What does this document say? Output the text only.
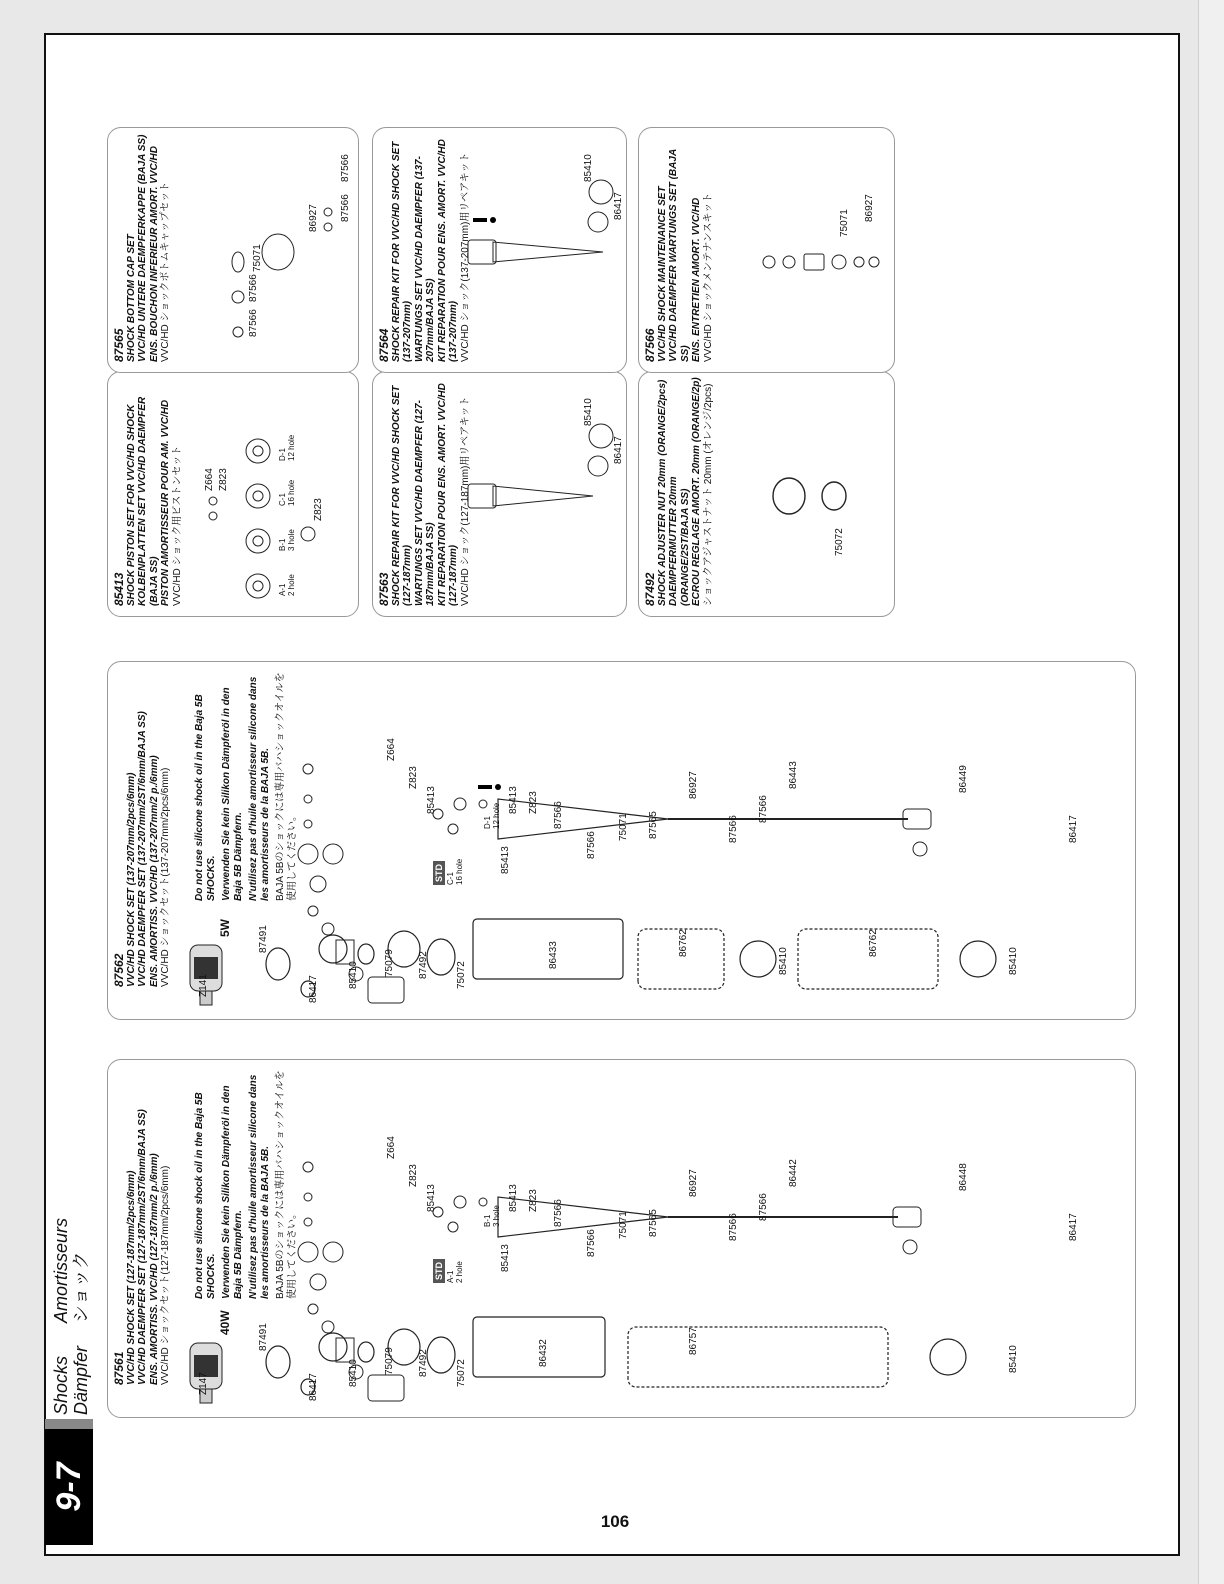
106
9-7
Shocks Dämpfer
Amortisseurs ショック
87561 VVC/HD SHOCK SET (127-187mm/2pcs/6mm) VVC/HD DAEMPFER SET (127-187mm/2ST/6mm/BAJA SS) ENS. AMORTISS. VVC/HD (127-187mm/2 p./6mm) VVC/HD ショックセット(127-187mm/2pcs/6mm) Do not use silicone shock oil in the Baja 5B SHOCKS. Verwenden Sie kein Silikon Dämpferöl in den Baja 5B Dämpfern. N'utilisez pas d'huile amortisseur silicone dans les amortisseurs de la BAJA 5B. BAJA 5Bのショックには専用バハショックオイルを使用してください。

Z147
40W
STD A-1 2 hole
B-1 3 hole
Z664
Z823
85413
85413
85413 Z823 87566
87566
75071 87565
86927
87566
87566
86442	86448
86417
87491
86417
85410	75079 87492	75072
86432	86757
85410
87562 VVC/HD SHOCK SET (137-207mm/2pcs/6mm) VVC/HD DAEMPFER SET (137-207mm/2ST/6mm/BAJA SS) ENS. AMORTISS. VVC/HD (137-207mm/2 p./6mm) VVC/HD ショックセット(137-207mm/2pcs/6mm) Do not use silicone shock oil in the Baja 5B SHOCKS. Verwenden Sie kein Silikon Dämpferöl in den Baja 5B Dämpfern. N'utilisez pas d'huile amortisseur silicone dans les amortisseurs de la BAJA 5B. BAJA 5Bのショックには専用バハショックオイルを使用してください。

Z141
5W
STD C-1 16 hole
D-1 12 hole
Z664
Z823
85413
85413
85413 Z823 87566
87566
75071 87565
86927
87566
87566
86443	86449
86417
87491
86417
85410	75079 87492	75072
86433	86762
85410
86762
85410
85413 SHOCK PISTON SET FOR VVC/HD SHOCK KOLBENPLATTEN SET VVC/HD DAEMPFER (BAJA SS) PISTON AMORTISSEUR POUR AM. VVC/HD VVC/HD ショック用ピストンセット	A-1 2 hole
B-1 3 hole
C-1 16 hole
D-1 12 hole
Z664 Z823
Z823
87563 SHOCK REPAIR KIT FOR VVC/HD SHOCK SET (127-187mm) WARTUNGS SET VVC/HD DAEMPFER (127-187mm/BAJA SS) KIT REPARATION POUR ENS. AMORT. VVC/HD (127-187mm) VVC/HD ショック(127-187mm)用リペアキット	85410
86417
87492 SHOCK ADJUSTER NUT 20mm (ORANGE/2pcs) DAEMPFERMUTTER 20mm (ORANGE/2ST/BAJA SS) ECROU REGLAGE AMORT. 20mm (ORANGE/2p) ショックアジャストナット 20mm (オレンジ/2pcs)	75072
87565 SHOCK BOTTOM CAP SET VVC/HD UNTERE DAEMPFERKAPPE (BAJA SS) ENS. BOUCHON INFERIEUR AMORT. VVC/HD VVC/HD ショックボトムキャップセット	87566
87566
75071
86927 87566
87566
87564 SHOCK REPAIR KIT FOR VVC/HD SHOCK SET (137-207mm) WARTUNGS SET VVC/HD DAEMPFER (137-207mm/BAJA SS) KIT REPARATION POUR ENS. AMORT. VVC/HD (137-207mm) VVC/HD ショック(137-207mm)用リペアキット	85410
86417
87566 VVC/HD SHOCK MAINTENANCE SET VVC/HD DAEMPFER WARTUNGS SET (BAJA SS) ENS. ENTRETIEN AMORT. VVC/HD VVC/HD ショックメンテナンスキット	75071
86927
